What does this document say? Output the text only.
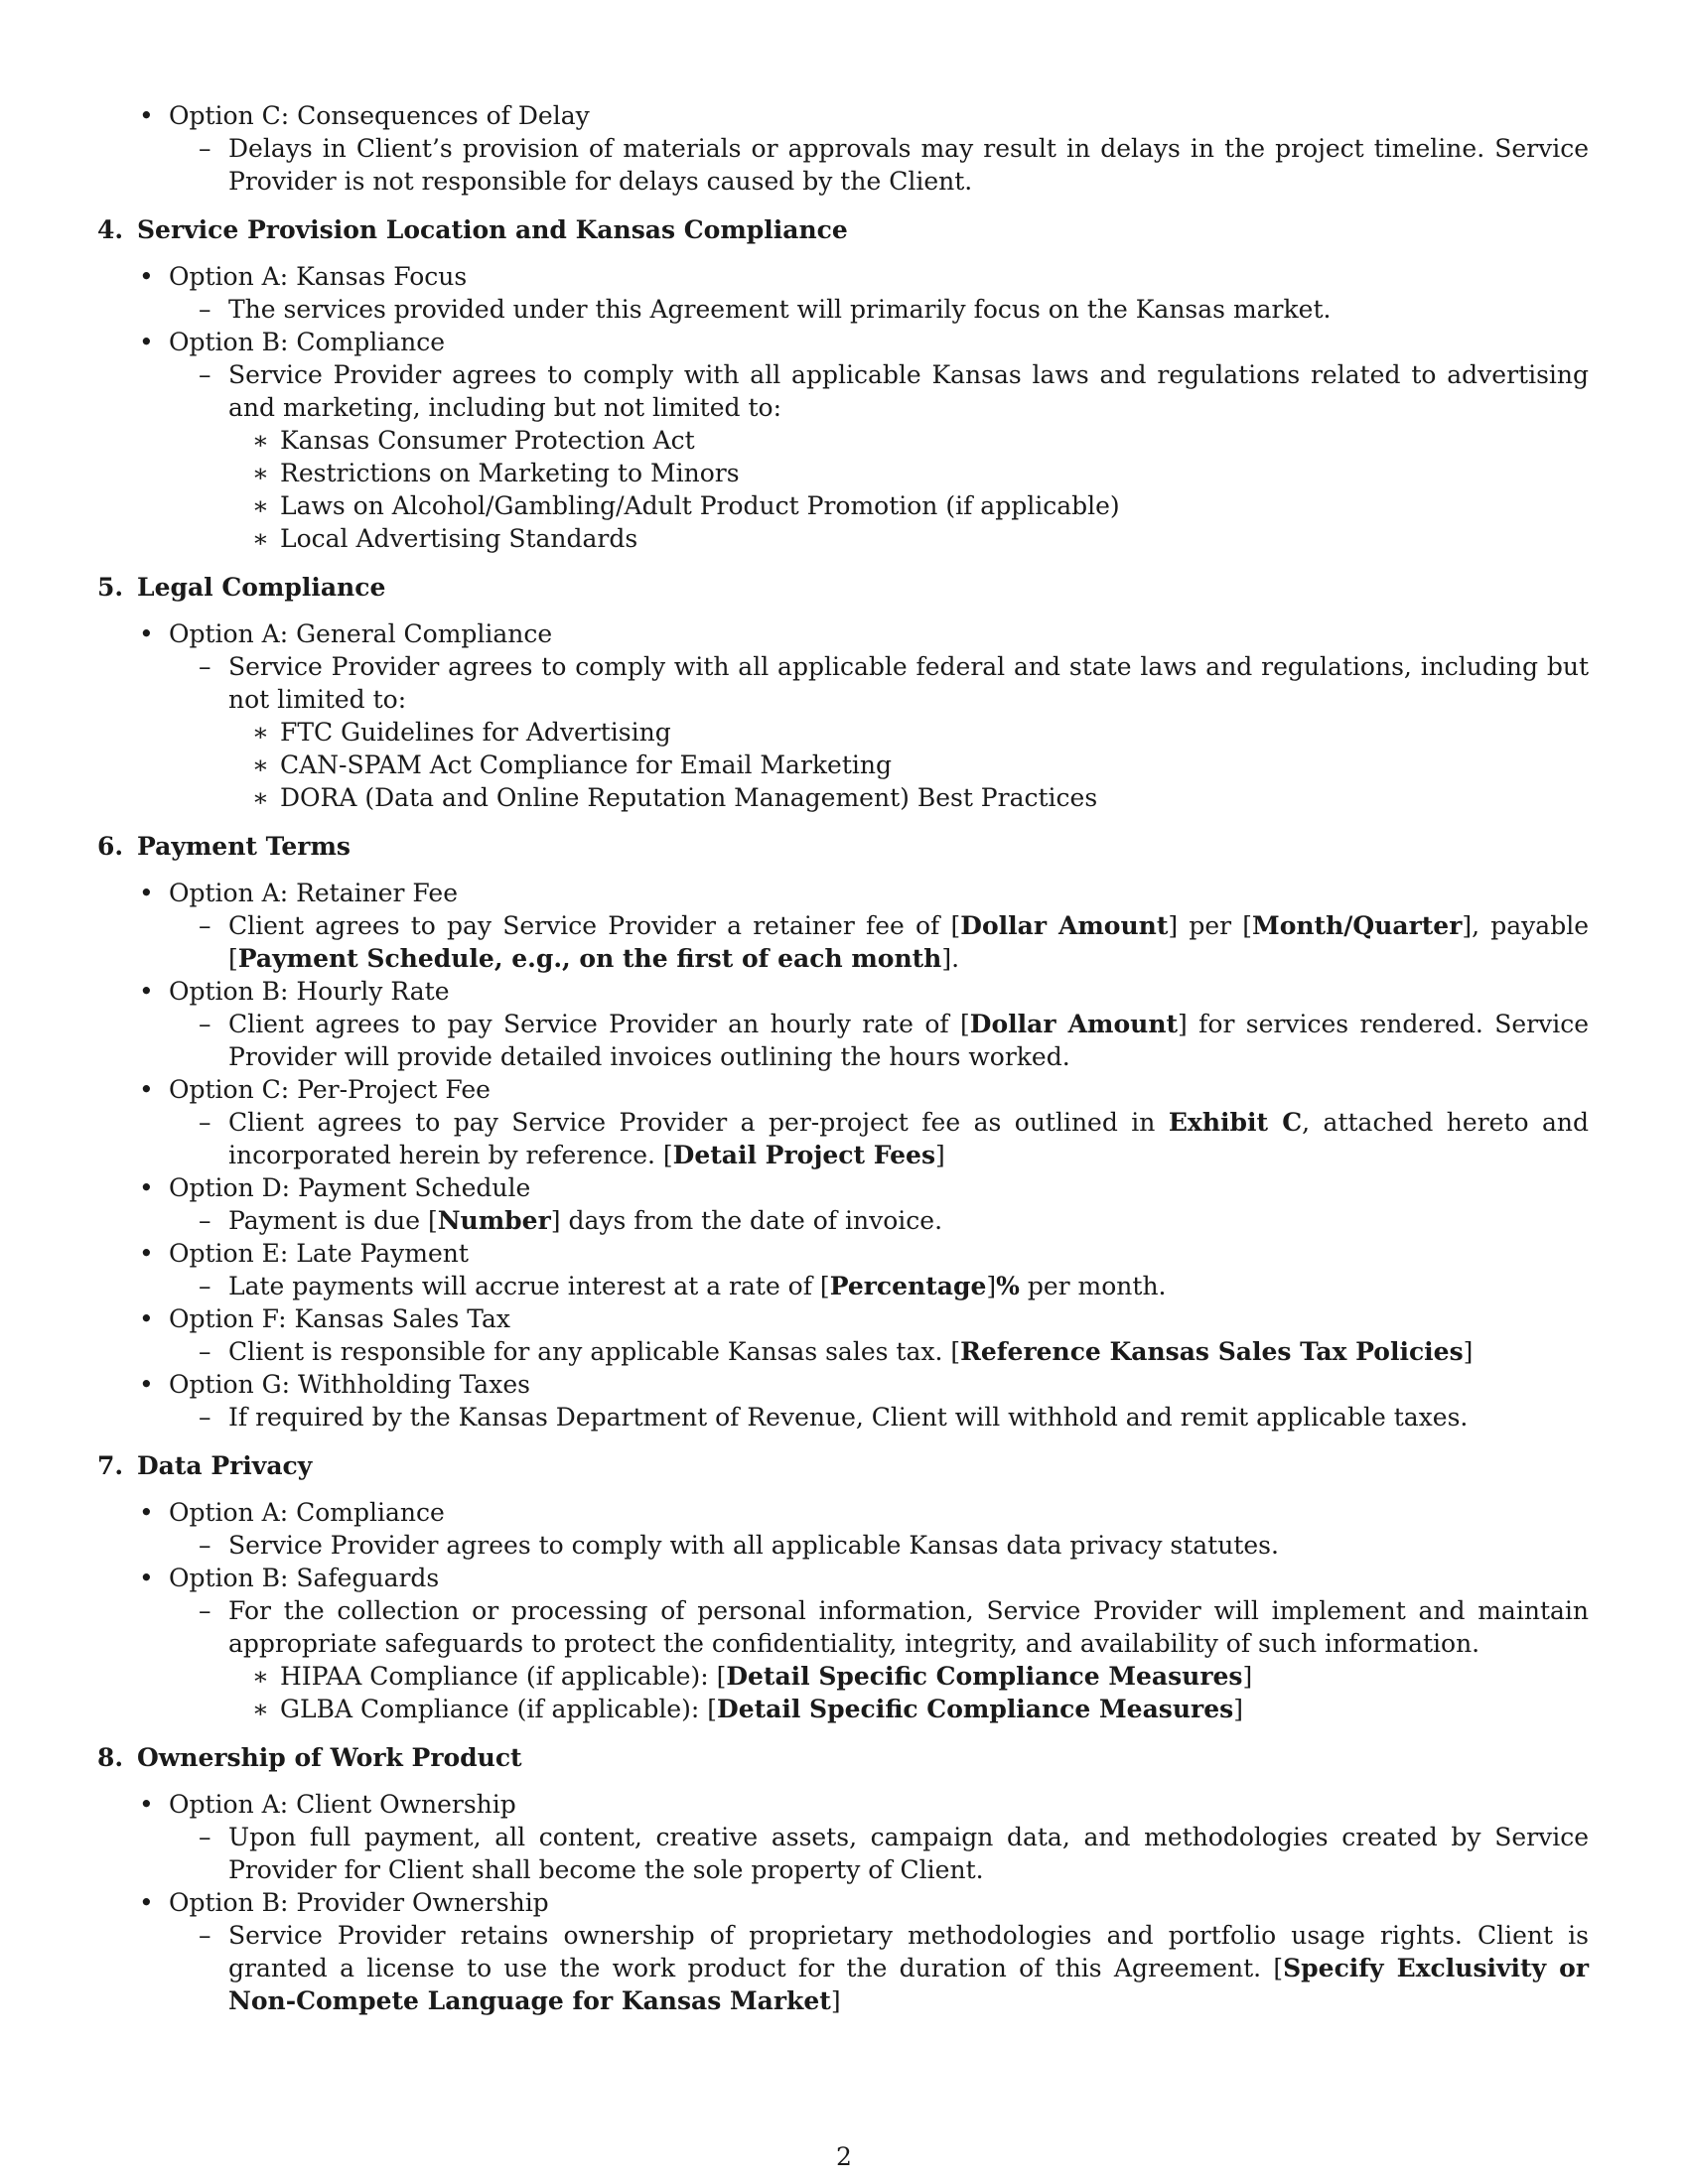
• Option C: Consequences of Delay
– Delays in Client’s provision of materials or approvals may result in delays in the project timeline. Service Provider is not responsible for delays caused by the Client.
4. Service Provision Location and Kansas Compliance
• Option A: Kansas Focus
– The services provided under this Agreement will primarily focus on the Kansas market.
• Option B: Compliance
– Service Provider agrees to comply with all applicable Kansas laws and regulations related to advertising and marketing, including but not limited to:
∗ Kansas Consumer Protection Act
∗ Restrictions on Marketing to Minors
∗ Laws on Alcohol/Gambling/Adult Product Promotion (if applicable)
∗ Local Advertising Standards
5. Legal Compliance
• Option A: General Compliance
– Service Provider agrees to comply with all applicable federal and state laws and regulations, including but not limited to:
∗ FTC Guidelines for Advertising
∗ CAN-SPAM Act Compliance for Email Marketing
∗ DORA (Data and Online Reputation Management) Best Practices
6. Payment Terms
• Option A: Retainer Fee
– Client agrees to pay Service Provider a retainer fee of [Dollar Amount] per [Month/Quarter], payable [Payment Schedule, e.g., on the first of each month].
• Option B: Hourly Rate
– Client agrees to pay Service Provider an hourly rate of [Dollar Amount] for services rendered. Service Provider will provide detailed invoices outlining the hours worked.
• Option C: Per-Project Fee
– Client agrees to pay Service Provider a per-project fee as outlined in Exhibit C, attached hereto and incorporated herein by reference. [Detail Project Fees]
• Option D: Payment Schedule
– Payment is due [Number] days from the date of invoice.
• Option E: Late Payment
– Late payments will accrue interest at a rate of [Percentage]% per month.
• Option F: Kansas Sales Tax
– Client is responsible for any applicable Kansas sales tax. [Reference Kansas Sales Tax Policies]
• Option G: Withholding Taxes
– If required by the Kansas Department of Revenue, Client will withhold and remit applicable taxes.
7. Data Privacy
• Option A: Compliance
– Service Provider agrees to comply with all applicable Kansas data privacy statutes.
• Option B: Safeguards
– For the collection or processing of personal information, Service Provider will implement and maintain appropriate safeguards to protect the confidentiality, integrity, and availability of such information.
∗ HIPAA Compliance (if applicable): [Detail Specific Compliance Measures]
∗ GLBA Compliance (if applicable): [Detail Specific Compliance Measures]
8. Ownership of Work Product
• Option A: Client Ownership
– Upon full payment, all content, creative assets, campaign data, and methodologies created by Service Provider for Client shall become the sole property of Client.
• Option B: Provider Ownership
– Service Provider retains ownership of proprietary methodologies and portfolio usage rights. Client is granted a license to use the work product for the duration of this Agreement. [Specify Exclusivity or Non-Compete Language for Kansas Market]
2
